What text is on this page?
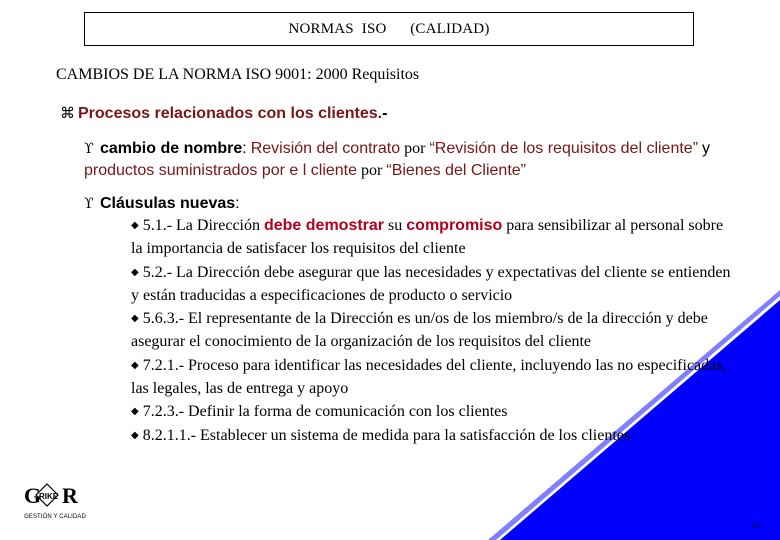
NORMAS  ISO
(CALIDAD)
CAMBIOS DE LA NORMA ISO 9001: 2000 Requisitos
⌘ Procesos relacionados con los clientes.-
ϒ cambio de nombre: Revisión del contrato por “Revisión de los requisitos del cliente” y productos suministrados por e l cliente por “Bienes del Cliente”
ϒ Cláusulas nuevas:
◆ 5.1.- La Dirección debe demostrar su compromiso para sensibilizar al personal sobre la importancia de satisfacer los requisitos del cliente
◆ 5.2.- La Dirección debe asegurar que las necesidades y expectativas del cliente se entienden y están traducidas a especificaciones de producto o servicio
◆ 5.6.3.- El representante de la Dirección es un/os de los miembro/s de la dirección y debe asegurar el conocimiento de la organización de los requisitos del cliente
◆ 7.2.1.- Proceso para identificar las necesidades del cliente, incluyendo las no especificadas, las legales, las de entrega y apoyo
◆ 7.2.3.- Definir la forma de comunicación con los clientes
◆ 8.2.1.1.- Establecer un sistema de medida para la satisfacción de los clientes
G
RIKE R
GESTIÓN Y CALIDAD
15
